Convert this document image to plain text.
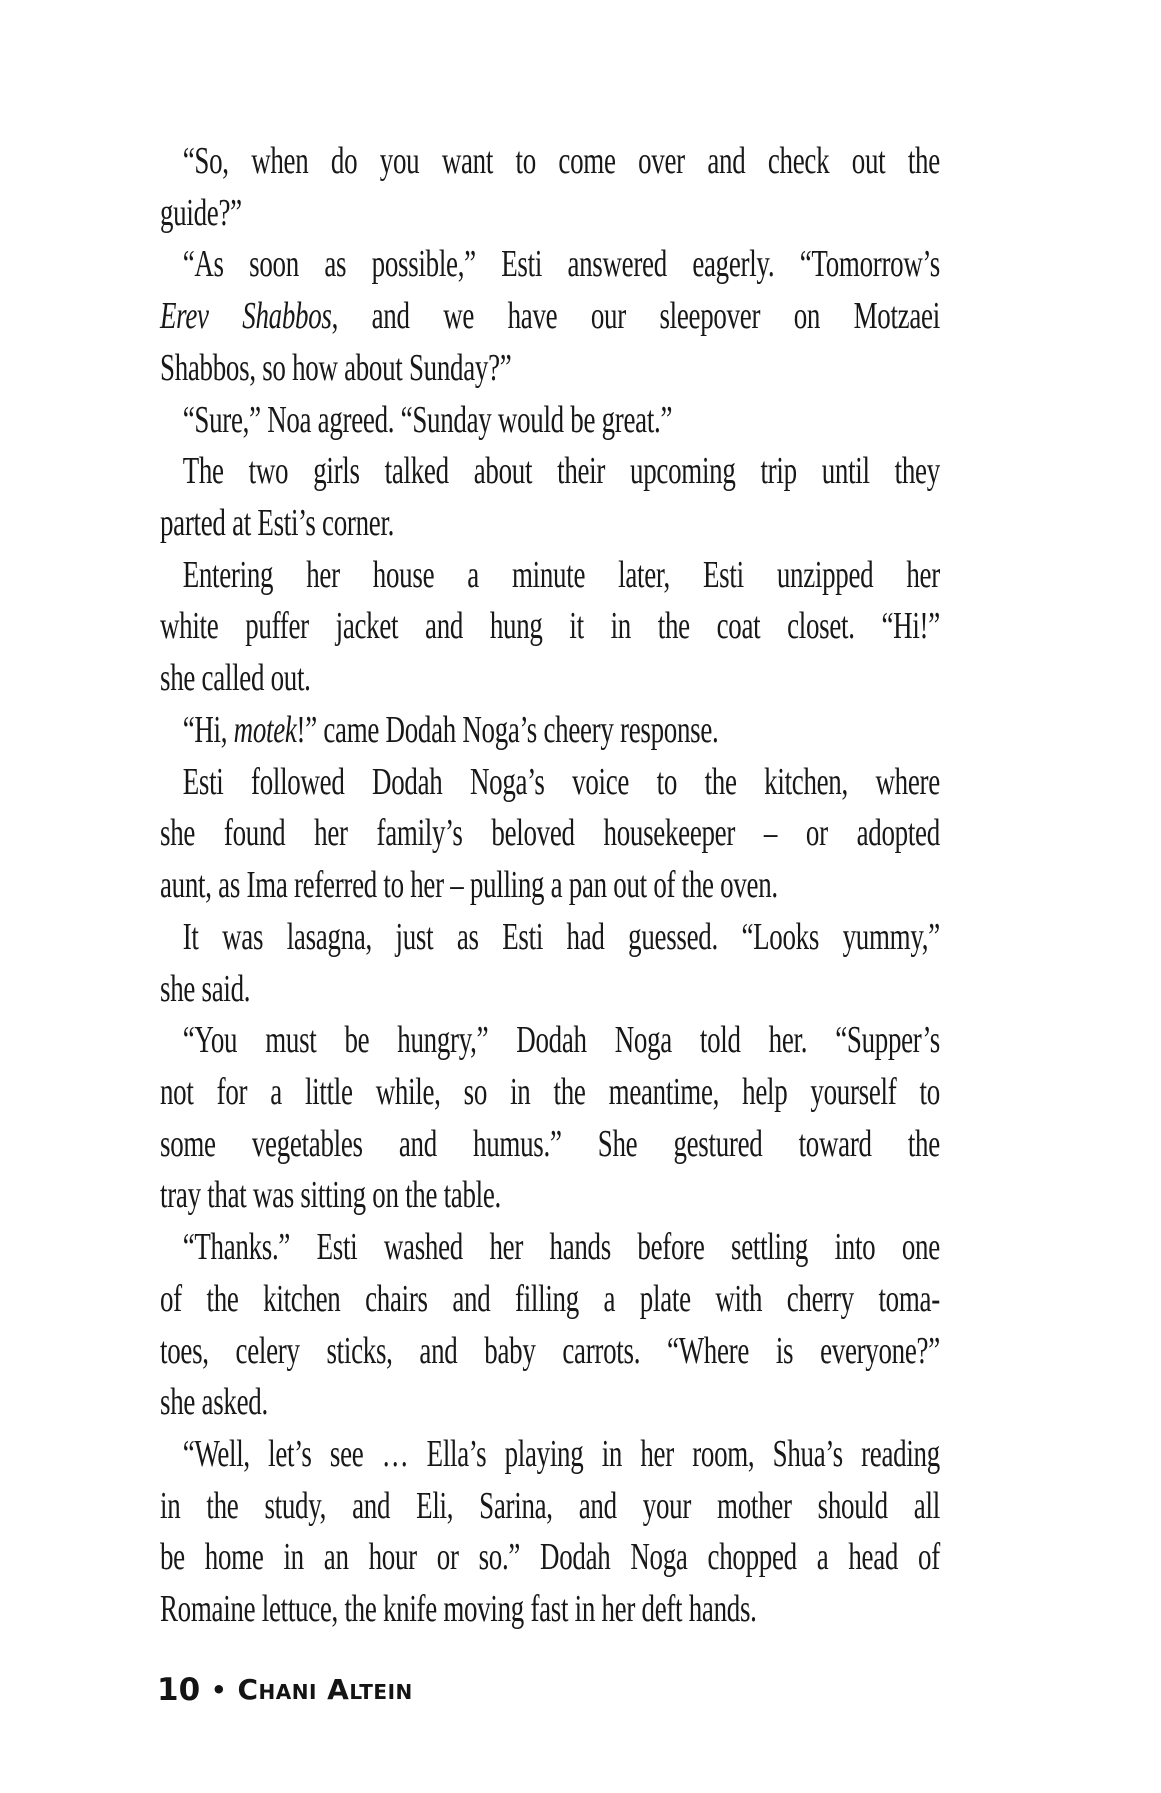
“So, when do you want to come over and check out the
guide?”
“As soon as possible,” Esti answered eagerly. “Tomorrow’s
Erev Shabbos, and we have our sleepover on Motzaei
Shabbos, so how about Sunday?”
“Sure,” Noa agreed. “Sunday would be great.”
The two girls talked about their upcoming trip until they
parted at Esti’s corner.
Entering her house a minute later, Esti unzipped her
white puffer jacket and hung it in the coat closet. “Hi!”
she called out.
“Hi, motek!” came Dodah Noga’s cheery response.
Esti followed Dodah Noga’s voice to the kitchen, where
she found her family’s beloved housekeeper – or adopted
aunt, as Ima referred to her – pulling a pan out of the oven.
It was lasagna, just as Esti had guessed. “Looks yummy,”
she said.
“You must be hungry,” Dodah Noga told her. “Supper’s
not for a little while, so in the meantime, help yourself to
some vegetables and humus.” She gestured toward the
tray that was sitting on the table.
“Thanks.” Esti washed her hands before settling into one
of the kitchen chairs and filling a plate with cherry toma-
toes, celery sticks, and baby carrots. “Where is everyone?”
she asked.
“Well, let’s see … Ella’s playing in her room, Shua’s reading
in the study, and Eli, Sarina, and your mother should all
be home in an hour or so.” Dodah Noga chopped a head of
Romaine lettuce, the knife moving fast in her deft hands.
10 • Chani Altein
